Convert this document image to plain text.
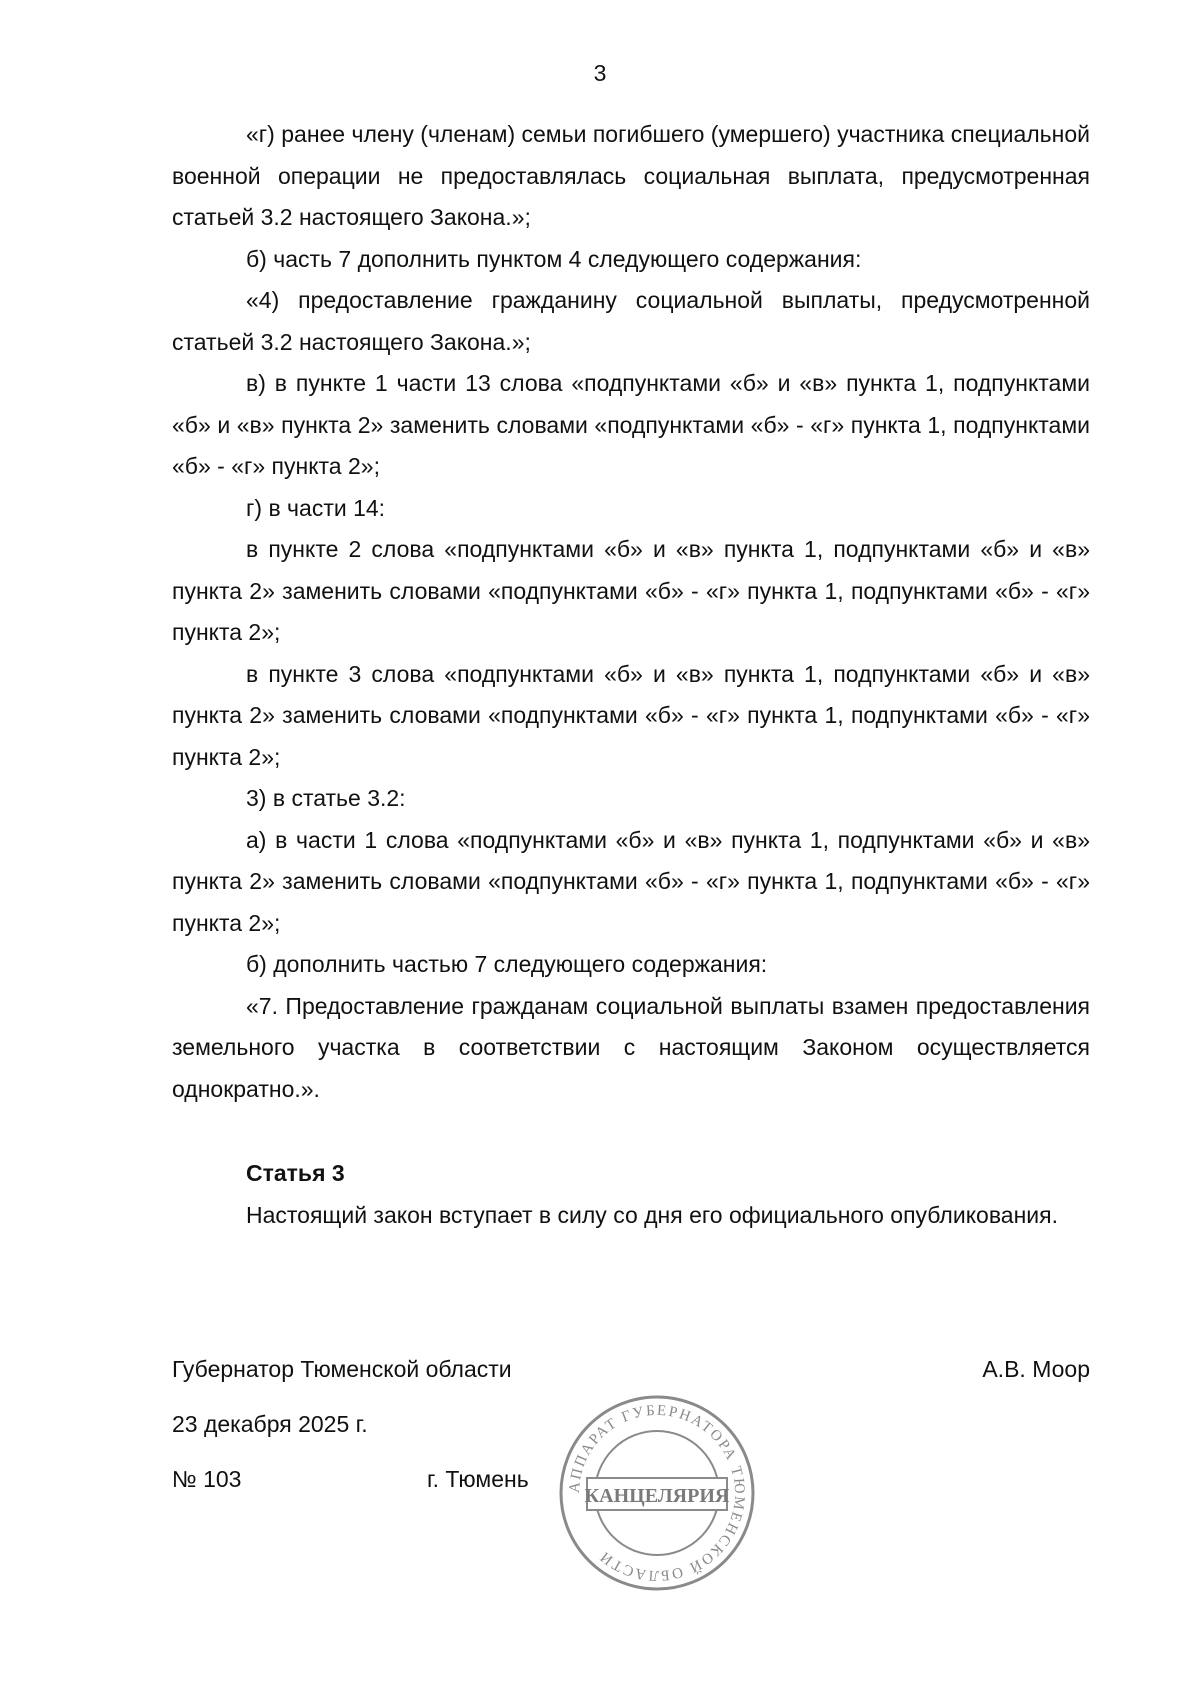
3

«г) ранее члену (членам) семьи погибшего (умершего) участника специальной военной операции не предоставлялась социальная выплата, предусмотренная статьей 3.2 настоящего Закона.»;

б) часть 7 дополнить пунктом 4 следующего содержания:

«4) предоставление гражданину социальной выплаты, предусмотренной статьей 3.2 настоящего Закона.»;

в) в пункте 1 части 13 слова «подпунктами «б» и «в» пункта 1, подпунктами «б» и «в» пункта 2» заменить словами «подпунктами «б» - «г» пункта 1, подпунктами «б» - «г» пункта 2»;

г) в части 14:

в пункте 2 слова «подпунктами «б» и «в» пункта 1, подпунктами «б» и «в» пункта 2» заменить словами «подпунктами «б» - «г» пункта 1, подпунктами «б» - «г» пункта 2»;

в пункте 3 слова «подпунктами «б» и «в» пункта 1, подпунктами «б» и «в» пункта 2» заменить словами «подпунктами «б» - «г» пункта 1, подпунктами «б» - «г» пункта 2»;

3) в статье 3.2:

а) в части 1 слова «подпунктами «б» и «в» пункта 1, подпунктами «б» и «в» пункта 2» заменить словами «подпунктами «б» - «г» пункта 1, подпунктами «б» - «г» пункта 2»;

б) дополнить частью 7 следующего содержания:

«7. Предоставление гражданам социальной выплаты взамен предоставления земельного участка в соответствии с настоящим Законом осуществляется однократно.».

Статья 3

Настоящий закон вступает в силу со дня его официального опубликования.

Губернатор Тюменской области	А.В. Моор
23 декабря 2025 г.
№ 103	г. Тюмень	АППАРАТ ГУБЕРНАТОРА ТЮМЕНСКОЙ ОБЛАСТИ
КАНЦЕЛЯРИЯ
